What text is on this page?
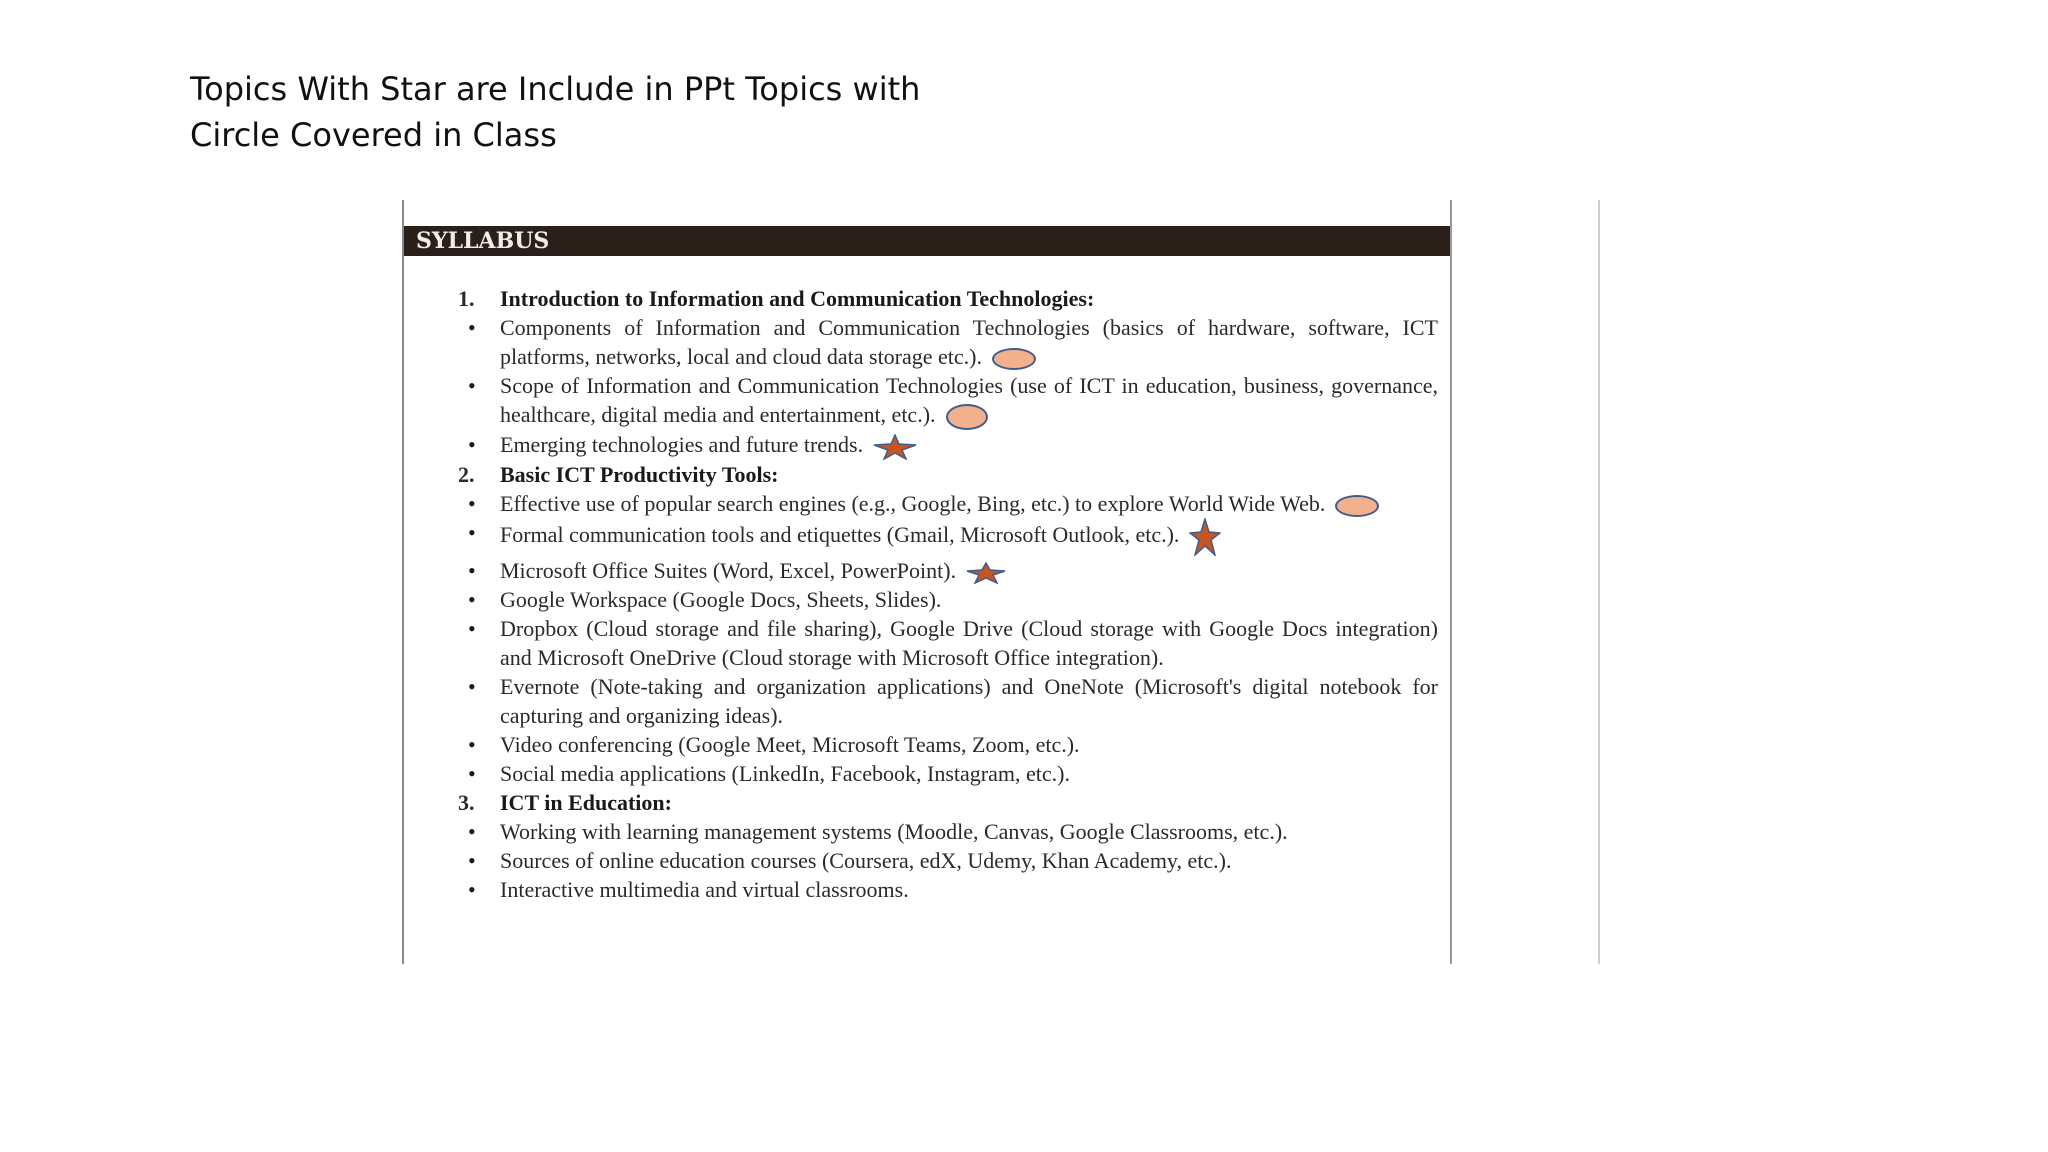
Topics With Star are Include in PPt Topics with
Circle Covered in Class
SYLLABUS
1. Introduction to Information and Communication Technologies:
• Components of Information and Communication Technologies (basics of hardware, software, ICT platforms, networks, local and cloud data storage etc.).
• Scope of Information and Communication Technologies (use of ICT in education, business, governance, healthcare, digital media and entertainment, etc.).
• Emerging technologies and future trends.
2. Basic ICT Productivity Tools:
• Effective use of popular search engines (e.g., Google, Bing, etc.) to explore World Wide Web.
• Formal communication tools and etiquettes (Gmail, Microsoft Outlook, etc.).
• Microsoft Office Suites (Word, Excel, PowerPoint).
• Google Workspace (Google Docs, Sheets, Slides).
• Dropbox (Cloud storage and file sharing), Google Drive (Cloud storage with Google Docs integration) and Microsoft OneDrive (Cloud storage with Microsoft Office integration).
• Evernote (Note-taking and organization applications) and OneNote (Microsoft's digital notebook for capturing and organizing ideas).
• Video conferencing (Google Meet, Microsoft Teams, Zoom, etc.).
• Social media applications (LinkedIn, Facebook, Instagram, etc.).
3. ICT in Education:
• Working with learning management systems (Moodle, Canvas, Google Classrooms, etc.).
• Sources of online education courses (Coursera, edX, Udemy, Khan Academy, etc.).
• Interactive multimedia and virtual classrooms.
